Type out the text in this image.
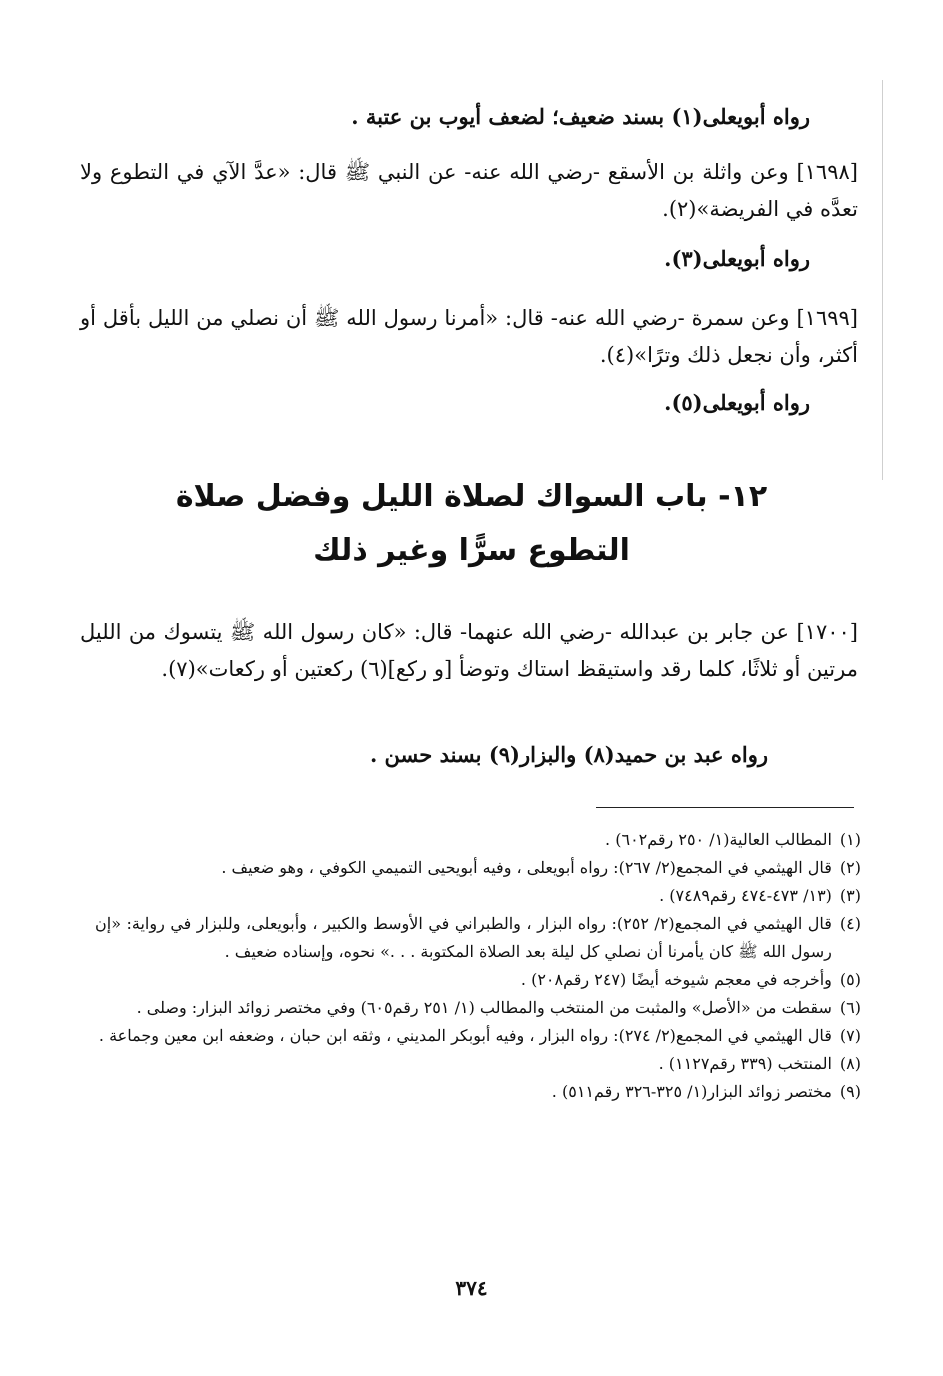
رواه أبويعلى(١) بسند ضعيف؛ لضعف أيوب بن عتبة .
[١٦٩٨] وعن واثلة بن الأسقع -رضي الله عنه- عن النبي ﷺ قال: «عدَّ الآي في التطوع ولا تعدَّه في الفريضة»(٢).
رواه أبويعلى(٣).
[١٦٩٩] وعن سمرة -رضي الله عنه- قال: «أمرنا رسول الله ﷺ أن نصلي من الليل بأقل أو أكثر، وأن نجعل ذلك وترًا»(٤).
رواه أبويعلى(٥).
١٢- باب السواك لصلاة الليل وفضل صلاة
التطوع سرًّا وغير ذلك
[١٧٠٠] عن جابر بن عبدالله -رضي الله عنهما- قال: «كان رسول الله ﷺ يتسوك من الليل مرتين أو ثلاثًا، كلما رقد واستيقظ استاك وتوضأ [و ركع](٦) ركعتين أو ركعات»(٧).
رواه عبد بن حميد(٨) والبزار(٩) بسند حسن .
(١)
المطالب العالية(١/ ٢٥٠ رقم٦٠٢) .
(٢)
قال الهيثمي في المجمع(٢/ ٢٦٧): رواه أبويعلى ، وفيه أبويحيى التميمي الكوفي ، وهو ضعيف .
(٣)
(١٣/ ٤٧٣-٤٧٤ رقم٧٤٨٩) .
(٤)
قال الهيثمي في المجمع(٢/ ٢٥٢): رواه البزار ، والطبراني في الأوسط والكبير ، وأبويعلى، وللبزار في رواية: «إن رسول الله ﷺ كان يأمرنا أن نصلي كل ليلة بعد الصلاة المكتوبة . . .» نحوه، وإسناده ضعيف .
(٥)
وأخرجه في معجم شيوخه أيضًا (٢٤٧ رقم٢٠٨) .
(٦)
سقطت من «الأصل» والمثبت من المنتخب والمطالب (١/ ٢٥١ رقم٦٠٥) وفي مختصر زوائد البزار: وصلى .
(٧)
قال الهيثمي في المجمع(٢/ ٢٧٤): رواه البزار ، وفيه أبوبكر المديني ، وثقه ابن حبان ، وضعفه ابن معين وجماعة .
(٨)
المنتخب (٣٣٩ رقم١١٢٧) .
(٩)
مختصر زوائد البزار(١/ ٣٢٥-٣٢٦ رقم٥١١) .
٣٧٤
